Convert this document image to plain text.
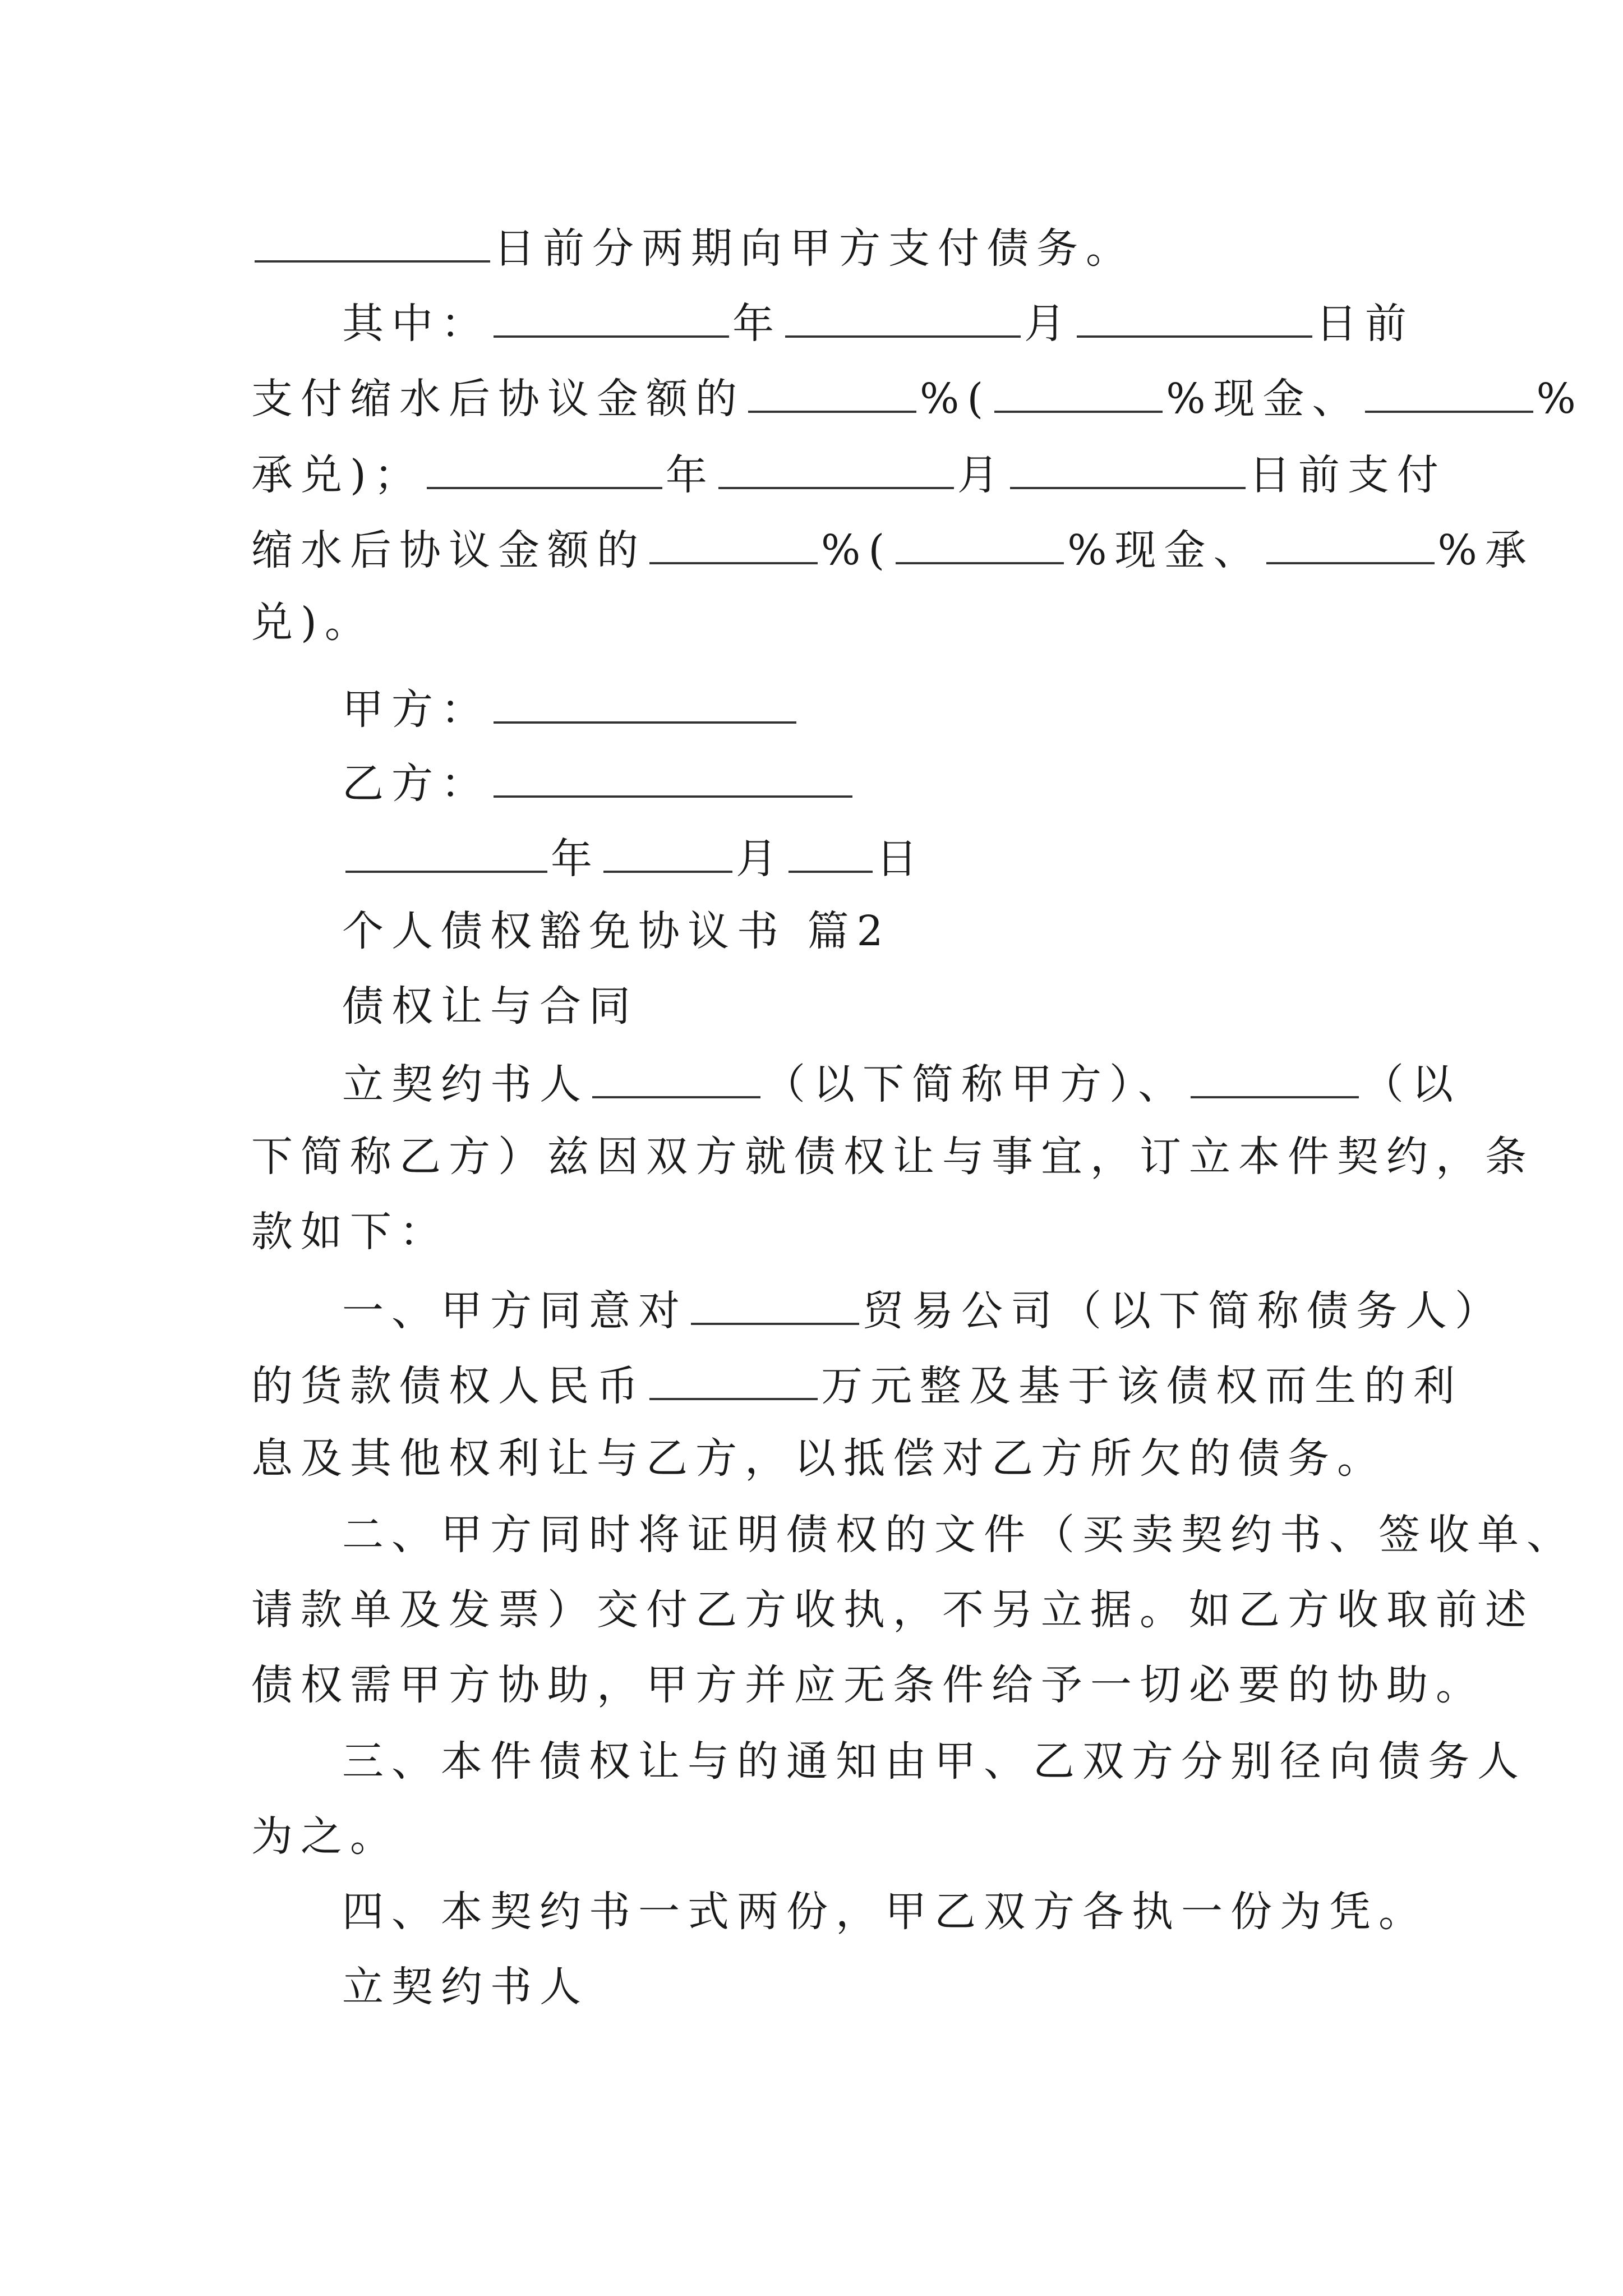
日前分两期向甲方支付债务。
其中：	年	月	日前
支付缩水后协议金额的	%(	%现金、	%
承兑)；	年	月	日前支付
缩水后协议金额的	%(	%现金、	%承
兑)。
甲方：
乙方：
年	月 日
个人债权豁免协议书 篇2
债权让与合同
立契约书人	（以下简称甲方）、	（以
下简称乙方）兹因双方就债权让与事宜，订立本件契约，条
款如下：
一、甲方同意对	贸易公司（以下简称债务人）
的货款债权人民币	万元整及基于该债权而生的利
息及其他权利让与乙方，以抵偿对乙方所欠的债务。
二、甲方同时将证明债权的文件（买卖契约书、签收单、
请款单及发票）交付乙方收执，不另立据。如乙方收取前述
债权需甲方协助，甲方并应无条件给予一切必要的协助。
三、本件债权让与的通知由甲、乙双方分别径向债务人
为之。
四、本契约书一式两份，甲乙双方各执一份为凭。
立契约书人
